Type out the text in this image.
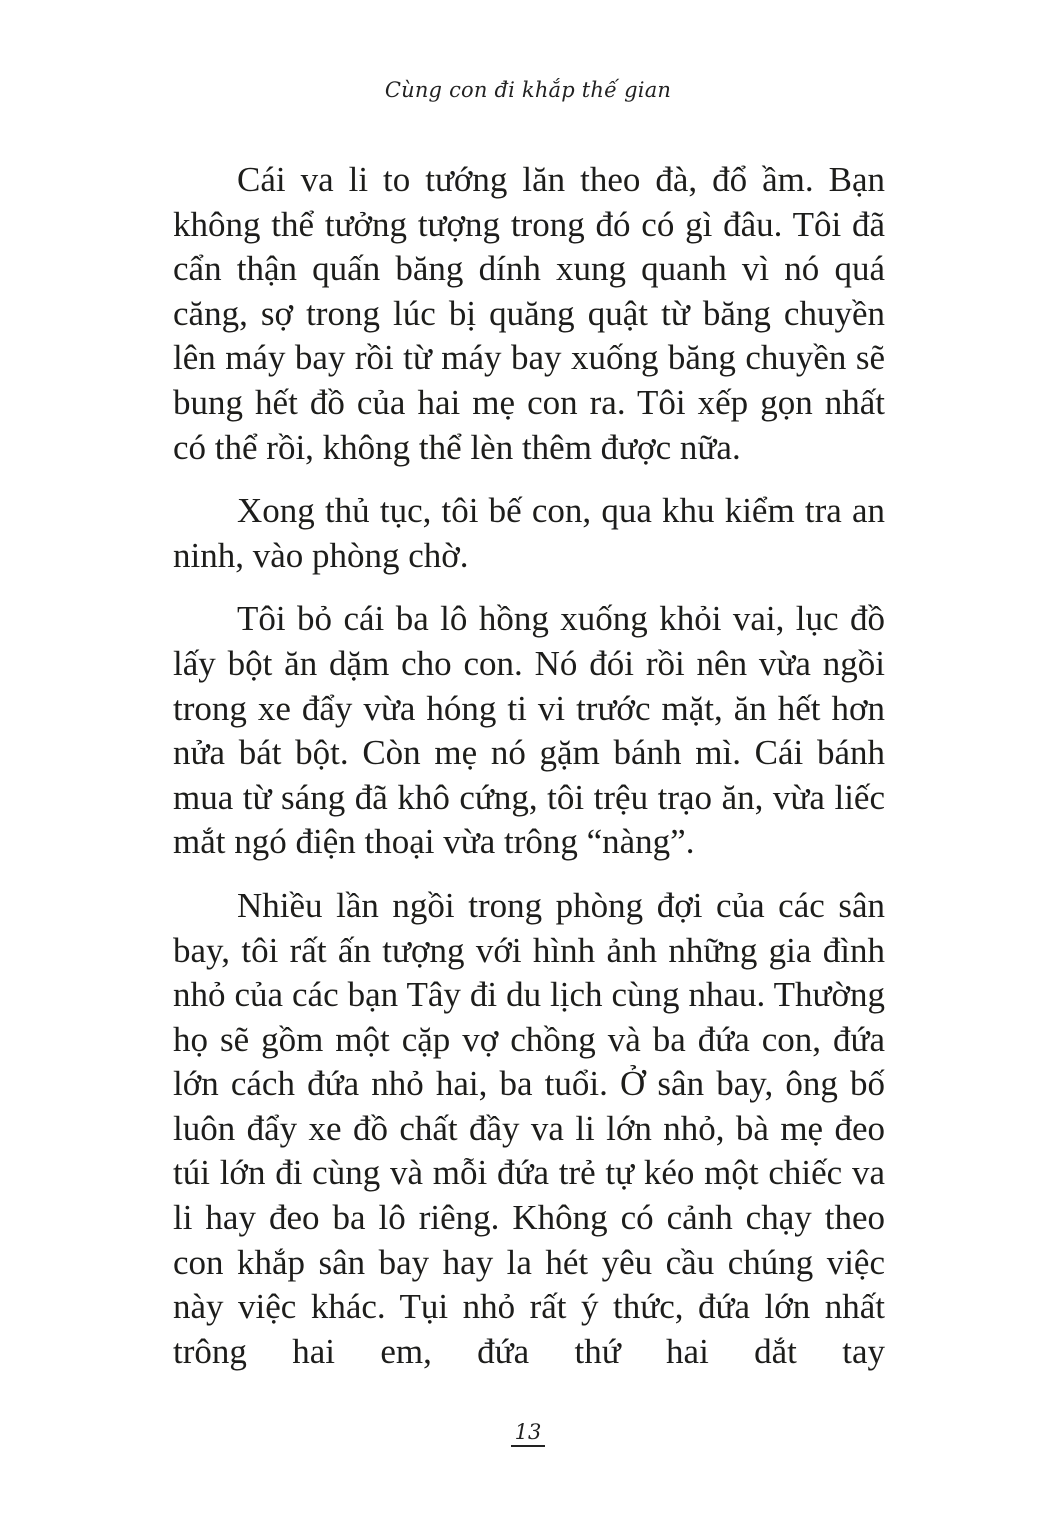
Cùng con đi khắp thế gian

Cái va li to tướng lăn theo đà, đổ ầm. Bạn không thể tưởng tượng trong đó có gì đâu. Tôi đã cẩn thận quấn băng dính xung quanh vì nó quá căng, sợ trong lúc bị quăng quật từ băng chuyền lên máy bay rồi từ máy bay xuống băng chuyền sẽ bung hết đồ của hai mẹ con ra. Tôi xếp gọn nhất có thể rồi, không thể lèn thêm được nữa.

Xong thủ tục, tôi bế con, qua khu kiểm tra an ninh, vào phòng chờ.

Tôi bỏ cái ba lô hồng xuống khỏi vai, lục đồ lấy bột ăn dặm cho con. Nó đói rồi nên vừa ngồi trong xe đẩy vừa hóng ti vi trước mặt, ăn hết hơn nửa bát bột. Còn mẹ nó gặm bánh mì. Cái bánh mua từ sáng đã khô cứng, tôi trệu trạo ăn, vừa liếc mắt ngó điện thoại vừa trông “nàng”.

Nhiều lần ngồi trong phòng đợi của các sân bay, tôi rất ấn tượng với hình ảnh những gia đình nhỏ của các bạn Tây đi du lịch cùng nhau. Thường họ sẽ gồm một cặp vợ chồng và ba đứa con, đứa lớn cách đứa nhỏ hai, ba tuổi. Ở sân bay, ông bố luôn đẩy xe đồ chất đầy va li lớn nhỏ, bà mẹ đeo túi lớn đi cùng và mỗi đứa trẻ tự kéo một chiếc va li hay đeo ba lô riêng. Không có cảnh chạy theo con khắp sân bay hay la hét yêu cầu chúng việc này việc khác. Tụi nhỏ rất ý thức, đứa lớn nhất trông hai em, đứa thứ hai dắt tay

13
